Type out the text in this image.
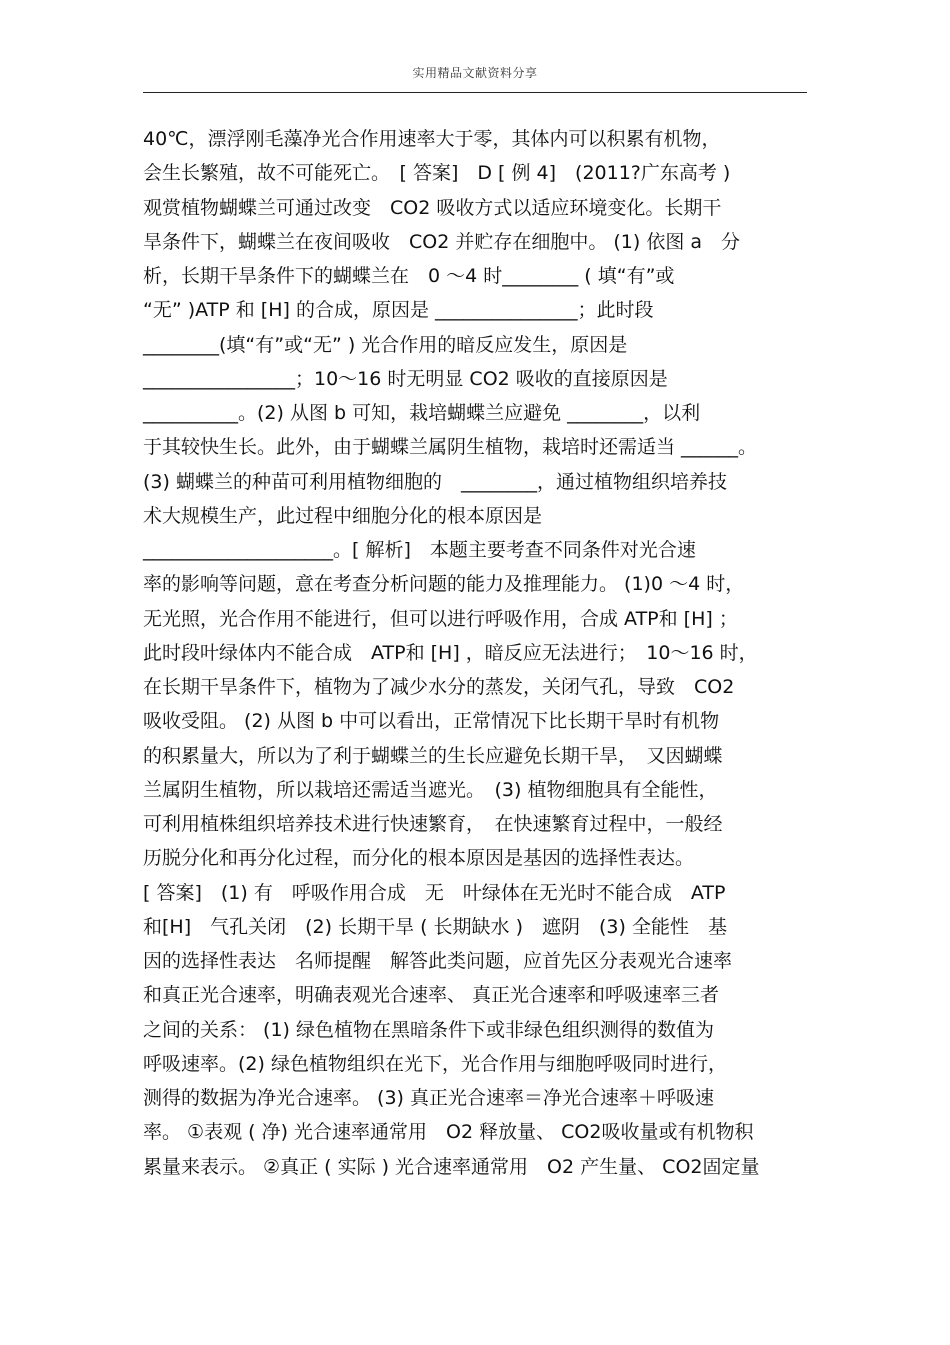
实用精品文献资料分享
40℃，漂浮刚毛藻净光合作用速率大于零，其体内可以积累有机物，
会生长繁殖，故不可能死亡。　[ 答案]　D [ 例 4]　(2011?广东高考 )
观赏植物蝴蝶兰可通过改变　CO2 吸收方式以适应环境变化。长期干
旱条件下，蝴蝶兰在夜间吸收　CO2 并贮存在细胞中。 (1) 依图 a　分
析，长期干旱条件下的蝴蝶兰在　0 ～4 时________ ( 填“有”或
“无” )ATP 和 [H] 的合成，原因是 _______________；此时段
________(填“有”或“无” ) 光合作用的暗反应发生，原因是
________________；10～16 时无明显 CO2 吸收的直接原因是
__________。(2) 从图 b 可知，栽培蝴蝶兰应避免 ________，以利
于其较快生长。此外，由于蝴蝶兰属阴生植物，栽培时还需适当 ______。
(3) 蝴蝶兰的种苗可利用植物细胞的　________，通过植物组织培养技
术大规模生产，此过程中细胞分化的根本原因是
____________________。[ 解析]　本题主要考查不同条件对光合速
率的影响等问题，意在考查分析问题的能力及推理能力。 (1)0 ～4 时，
无光照，光合作用不能进行，但可以进行呼吸作用，合成 ATP和 [H] ；
此时段叶绿体内不能合成　ATP和 [H] ，暗反应无法进行；　10～16 时，
在长期干旱条件下，植物为了减少水分的蒸发，关闭气孔，导致　CO2
吸收受阻。 (2) 从图 b 中可以看出，正常情况下比长期干旱时有机物
的积累量大，所以为了利于蝴蝶兰的生长应避免长期干旱，　又因蝴蝶
兰属阴生植物，所以栽培还需适当遮光。　(3) 植物细胞具有全能性，
可利用植株组织培养技术进行快速繁育，　在快速繁育过程中，一般经
历脱分化和再分化过程，而分化的根本原因是基因的选择性表达。
[ 答案]　(1) 有　呼吸作用合成　无　叶绿体在无光时不能合成　ATP
和[H]　气孔关闭　(2) 长期干旱 ( 长期缺水 )　遮阴　(3) 全能性　基
因的选择性表达　名师提醒　解答此类问题，应首先区分表观光合速率
和真正光合速率，明确表观光合速率、 真正光合速率和呼吸速率三者
之间的关系： (1) 绿色植物在黑暗条件下或非绿色组织测得的数值为
呼吸速率。(2) 绿色植物组织在光下，光合作用与细胞呼吸同时进行，
测得的数据为净光合速率。 (3) 真正光合速率＝净光合速率＋呼吸速
率。 ①表观 ( 净) 光合速率通常用　O2 释放量、 CO2吸收量或有机物积
累量来表示。 ②真正 ( 实际 ) 光合速率通常用　O2 产生量、 CO2固定量
